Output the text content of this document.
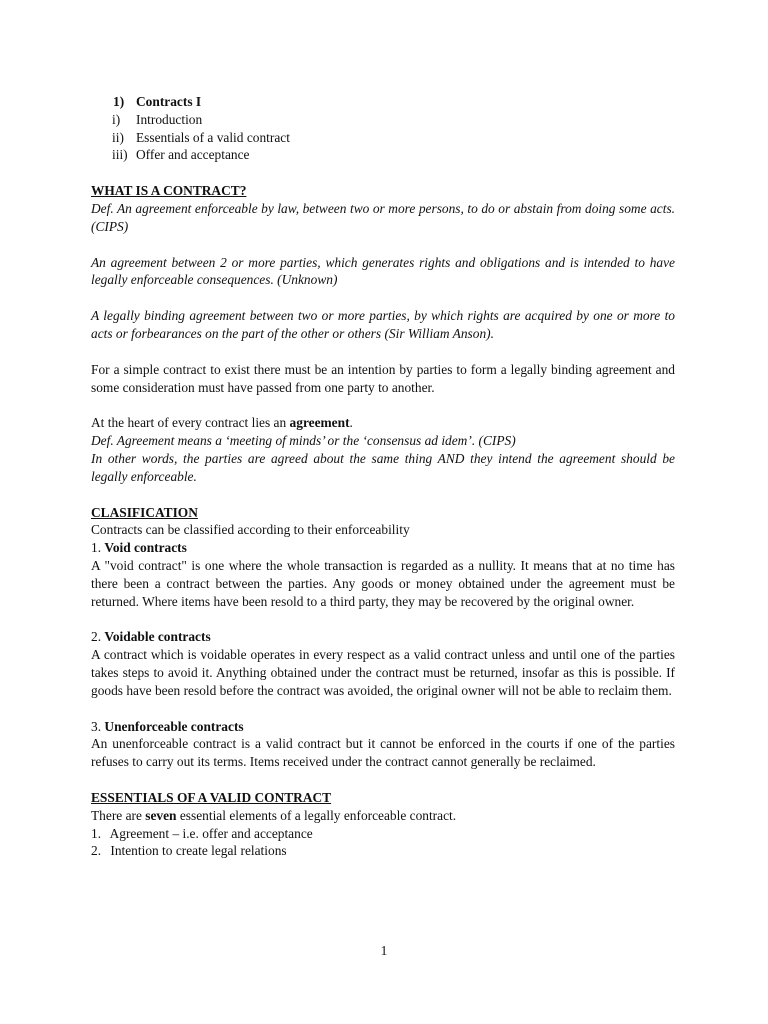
1) Contracts I
i) Introduction
ii) Essentials of a valid contract
iii) Offer and acceptance
WHAT IS A CONTRACT?
Def. An agreement enforceable by law, between two or more persons, to do or abstain from doing some acts. (CIPS)
An agreement between 2 or more parties, which generates rights and obligations and is intended to have legally enforceable consequences. (Unknown)
A legally binding agreement between two or more parties, by which rights are acquired by one or more to acts or forbearances on the part of the other or others (Sir William Anson).
For a simple contract to exist there must be an intention by parties to form a legally binding agreement and some consideration must have passed from one party to another.
At the heart of every contract lies an agreement.
Def. Agreement means a ‘meeting of minds’ or the ‘consensus ad idem’. (CIPS)
In other words, the parties are agreed about the same thing AND they intend the agreement should be legally enforceable.
CLASIFICATION
Contracts can be classified according to their enforceability
1. Void contracts
A "void contract" is one where the whole transaction is regarded as a nullity. It means that at no time has there been a contract between the parties. Any goods or money obtained under the agreement must be returned. Where items have been resold to a third party, they may be recovered by the original owner.
2. Voidable contracts
A contract which is voidable operates in every respect as a valid contract unless and until one of the parties takes steps to avoid it. Anything obtained under the contract must be returned, insofar as this is possible. If goods have been resold before the contract was avoided, the original owner will not be able to reclaim them.
3. Unenforceable contracts
An unenforceable contract is a valid contract but it cannot be enforced in the courts if one of the parties refuses to carry out its terms. Items received under the contract cannot generally be reclaimed.
ESSENTIALS OF A VALID CONTRACT
There are seven essential elements of a legally enforceable contract.
1. Agreement – i.e. offer and acceptance
2. Intention to create legal relations
1
